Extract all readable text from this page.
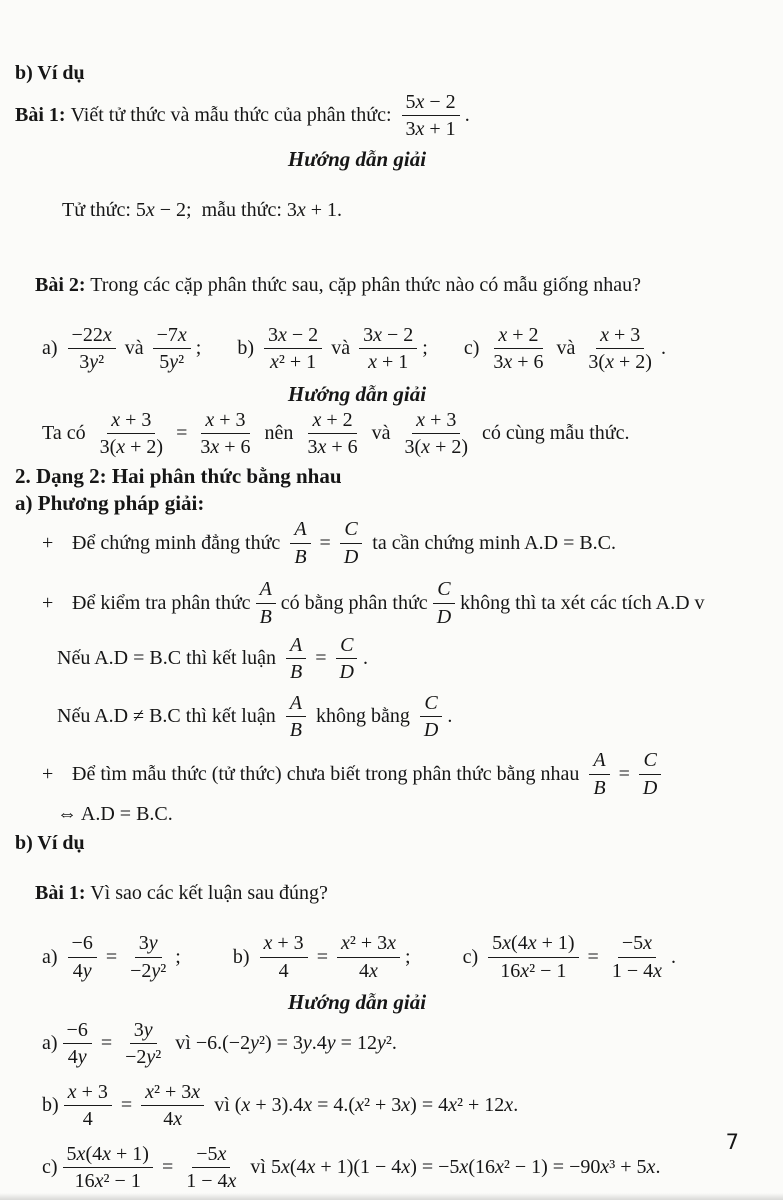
b) Ví dụ
Bài 1: Viết tử thức và mẫu thức của phân thức: $\frac{5x - 2}{3x + 1}$ .
Hướng dẫn giải

Tử thức: 5x − 2;  mẫu thức: 3x + 1.

Bài 2: Trong các cặp phân thức sau, cặp phân thức nào có mẫu giống nhau?

$a) \frac{-22x}{\text{3y²}}$ và $\frac{-7x}{\text{5y²}}$ ; $b) \frac{3x - 2}{\text{x² + 1}}$ và $\frac{3x - 2}{x + 1}$ ; $c) \frac{x + 2}{3x + 6}$ và $\frac{x + 3}{3(x + 2)}$ .
Hướng dẫn giải
Ta có $\frac{x + 3}{3(x + 2)} = \frac{x + 3}{3x + 6}$ nên $\frac{x + 2}{3x + 6}$ và $\frac{x + 3}{3(x + 2)}$ có cùng mẫu thức.
2. Dạng 2: Hai phân thức bằng nhau
a) Phương pháp giải:
+ Để chứng minh đẳng thức $\frac{A}{B} = \frac{C}{D}$ ta cần chứng minh A.D = B.C.
+ Để kiểm tra phân thức $\frac{A}{B}$ có bằng phân thức $\frac{C}{D}$ không thì ta xét các tích A.D v
Nếu A.D = B.C thì kết luận $\frac{A}{B} = \frac{C}{D}$ .
Nếu A.D ≠ B.C thì kết luận $\frac{A}{B}$ không bằng $\frac{C}{D}$ .
+ Để tìm mẫu thức (tử thức) chưa biết trong phân thức bằng nhau $\frac{A}{B} = \frac{C}{D}$
⇔ A.D = B.C.
b) Ví dụ

Bài 1: Vì sao các kết luận sau đúng?

$a) \frac{-6}{4y} = \frac{3y}{\text{−2y²}}$ ;	$b) \frac{x + 3}{4} = \frac{\text{x² + 3x}}{4x}$ ;	$c) \frac{5x(4x + 1)}{\text{16x² − 1}} = \frac{-5x}{1 - 4x}$ .
Hướng dẫn giải
$a) \frac{-6}{4y} = \frac{3y}{\text{−2y²}}$ vì −6.(−2y²) = 3y.4y = 12y².
$b) \frac{x + 3}{4} = \frac{\text{x² + 3x}}{4x}$ vì (x + 3).4x = 4.(x² + 3x) = 4x² + 12x.
$c) \frac{5x(4x + 1)}{\text{16x² − 1}} = \frac{-5x}{1 - 4x}$ vì 5x(4x + 1)(1 − 4x) = −5x(16x² − 1) = −90x³ + 5x.
7
